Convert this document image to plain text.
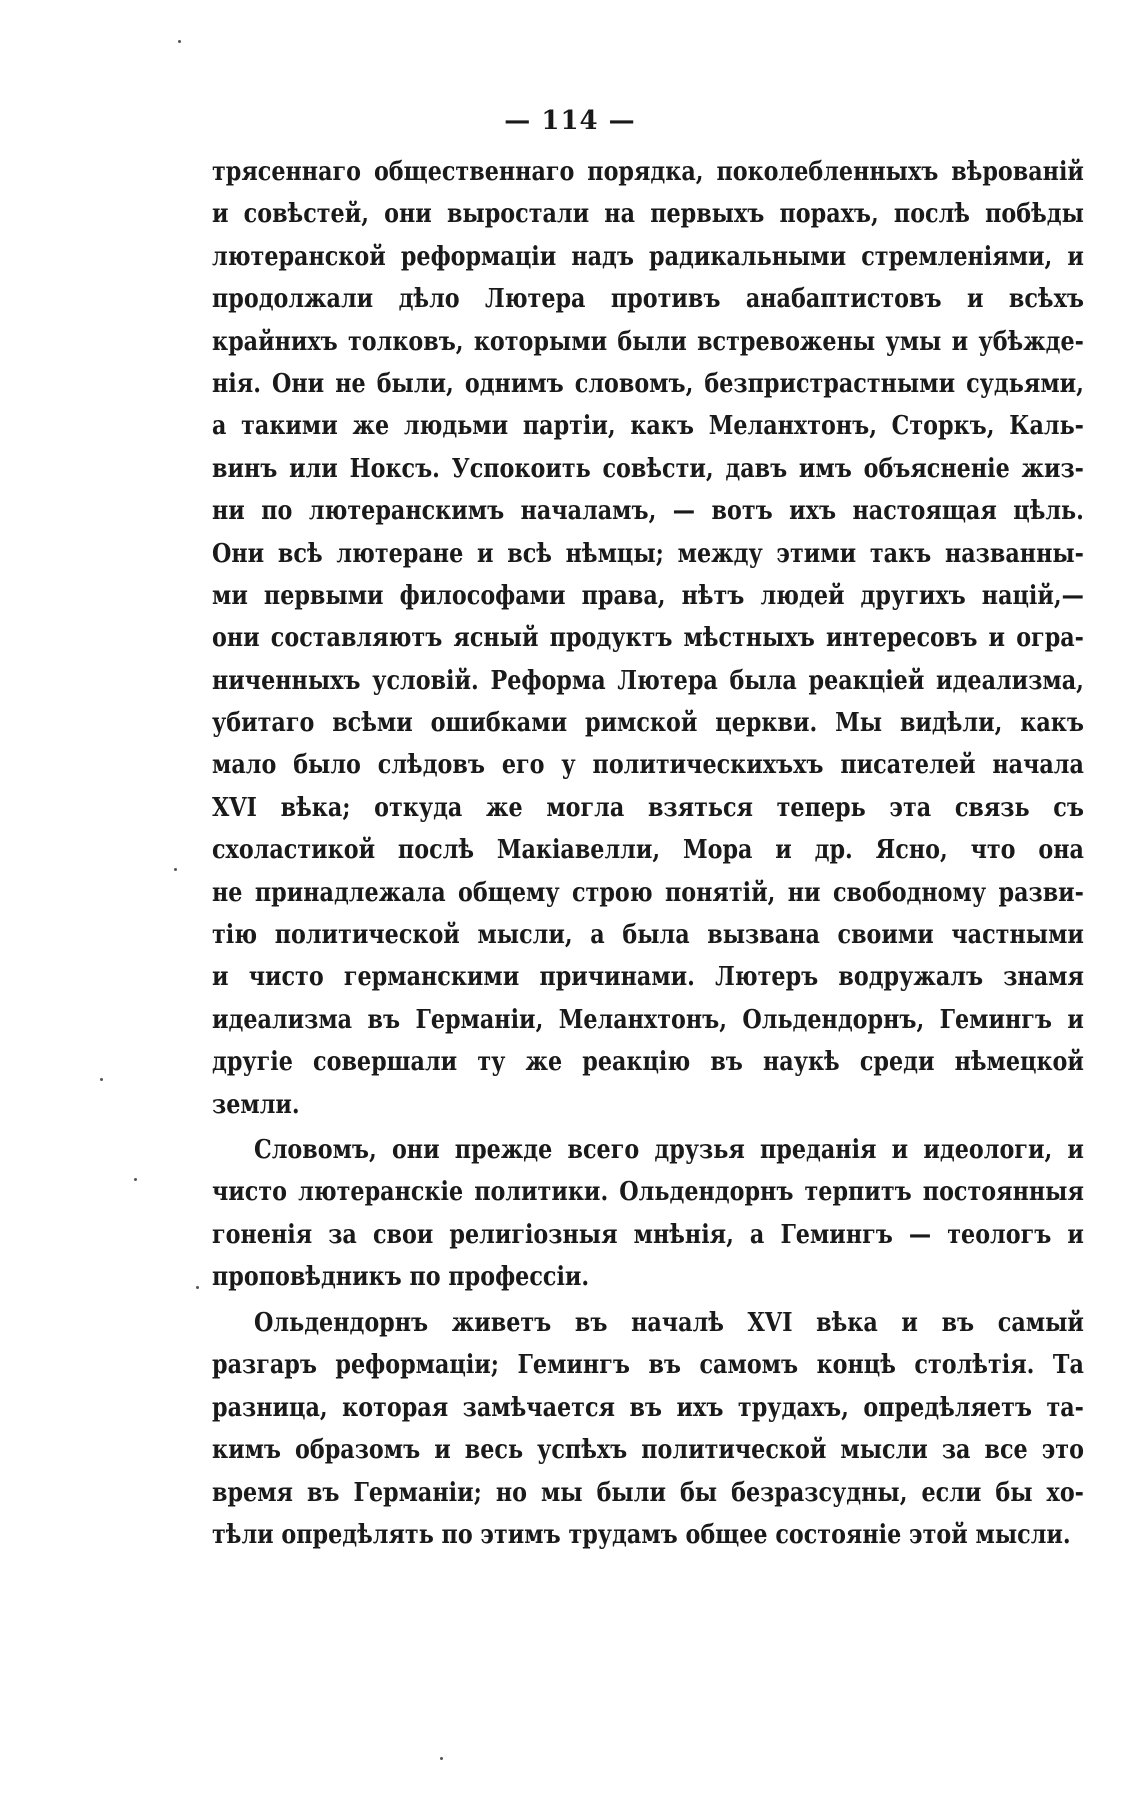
— 114 —
трясеннаго общественнаго порядка, поколебленныхъ вѣрованій
и совѣстей, они выростали на первыхъ порахъ, послѣ побѣды
лютеранской реформаціи надъ радикальными стремленіями, и
продолжали дѣло Лютера противъ анабаптистовъ и всѣхъ
крайнихъ толковъ, которыми были встревожены умы и убѣжде-
нія. Они не были, однимъ словомъ, безпристрастными судьями,
а такими же людьми партіи, какъ Меланхтонъ, Сторкъ, Каль-
винъ или Ноксъ. Успокоить совѣсти, давъ имъ объясненіе жиз-
ни по лютеранскимъ началамъ, — вотъ ихъ настоящая цѣль.
Они всѣ лютеране и всѣ нѣмцы; между этими такъ названны-
ми первыми философами права, нѣтъ людей другихъ націй,—
они составляютъ ясный продуктъ мѣстныхъ интересовъ и огра-
ниченныхъ условій. Реформа Лютера была реакціей идеализма,
убитаго всѣми ошибками римской церкви. Мы видѣли, какъ
мало было слѣдовъ его у политическихъхъ писателей начала
XVI вѣка; откуда же могла взяться теперь эта связь съ
схоластикой послѣ Макіавелли, Мора и др. Ясно, что она
не принадлежала общему строю понятій, ни свободному разви-
тію политической мысли, а была вызвана своими частными
и чисто германскими причинами. Лютеръ водружалъ знамя
идеализма въ Германіи, Меланхтонъ, Ольдендорнъ, Гемингъ и
другіе совершали ту же реакцію въ наукѣ среди нѣмецкой
земли.
Словомъ, они прежде всего друзья преданія и идеологи, и
чисто лютеранскіе политики. Ольдендорнъ терпитъ постоянныя
гоненія за свои религіозныя мнѣнія, а Гемингъ — теологъ и
проповѣдникъ по профессіи.
Ольдендорнъ живетъ въ началѣ XVI вѣка и въ самый
разгаръ реформаціи; Гемингъ въ самомъ концѣ столѣтія. Та
разница, которая замѣчается въ ихъ трудахъ, опредѣляетъ та-
кимъ образомъ и весь успѣхъ политической мысли за все это
время въ Германіи; но мы были бы безразсудны, если бы хо-
тѣли опредѣлять по этимъ трудамъ общее состояніе этой мысли.
